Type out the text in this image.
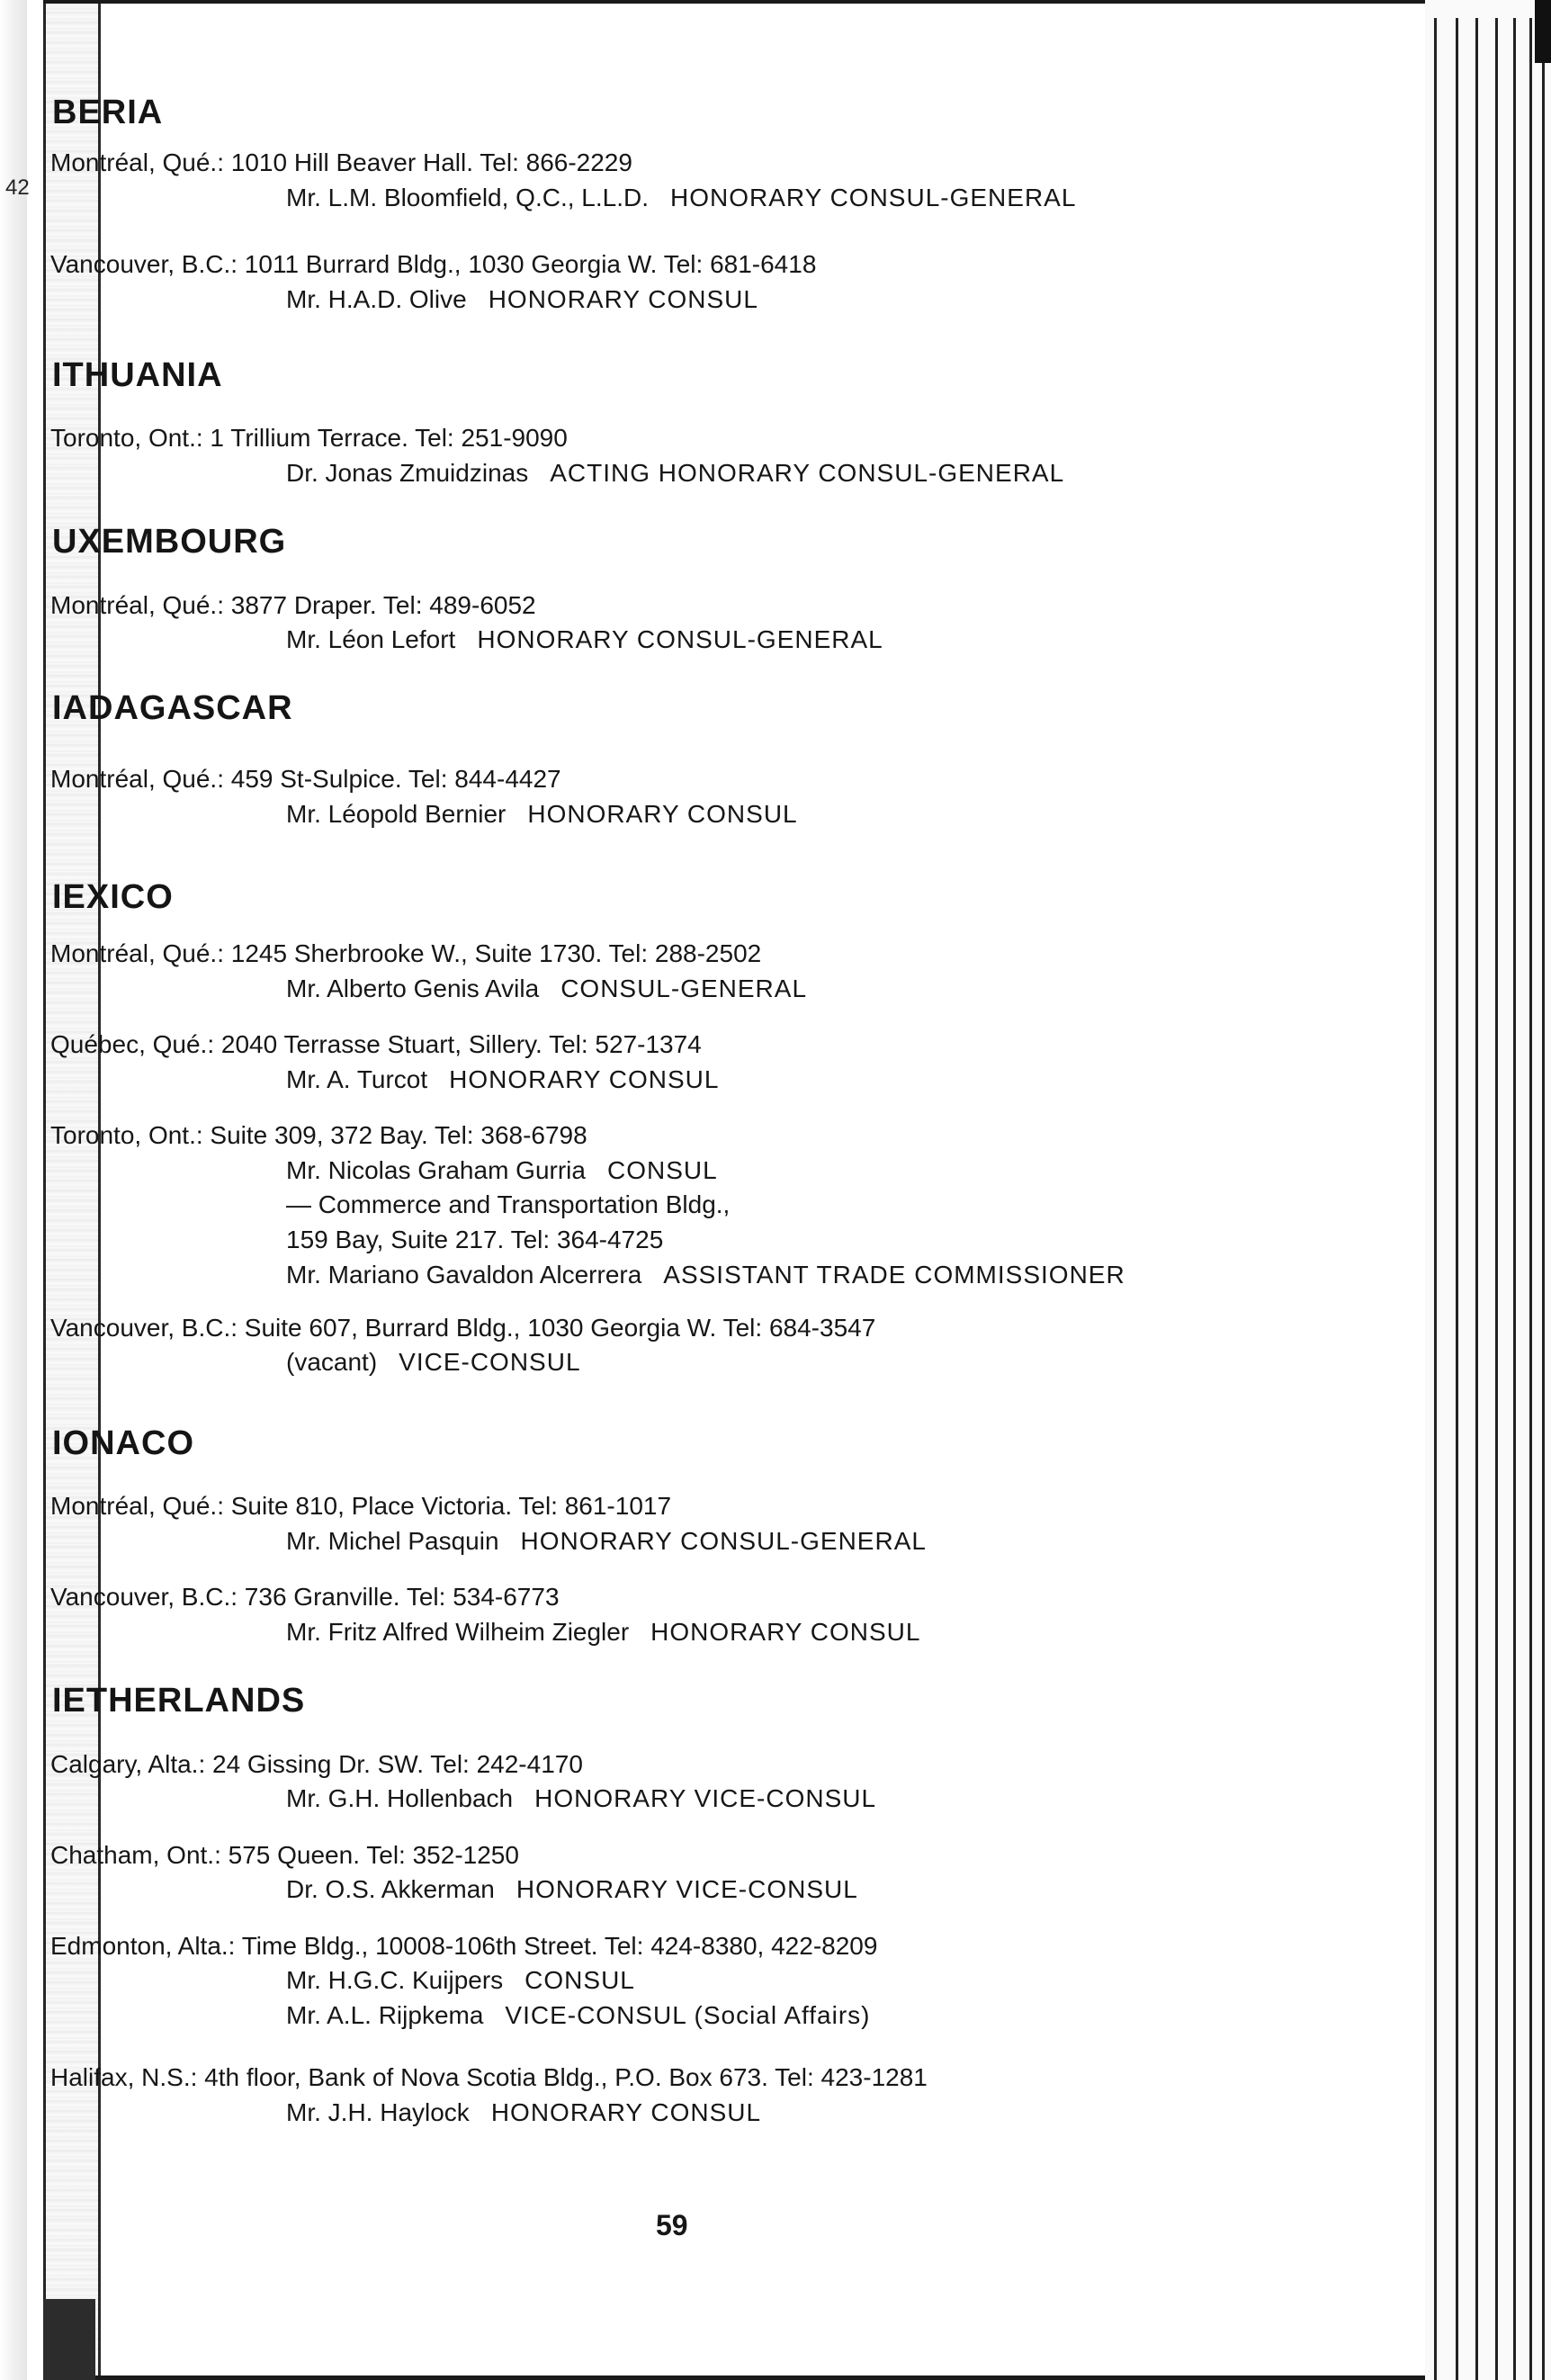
42
59
BERIA
Montréal, Qué.: 1010 Hill Beaver Hall. Tel: 866-2229
Mr. L.M. Bloomfield, Q.C., L.L.D. HONORARY CONSUL-GENERAL
Vancouver, B.C.: 1011 Burrard Bldg., 1030 Georgia W. Tel: 681-6418
Mr. H.A.D. Olive HONORARY CONSUL
ITHUANIA
Toronto, Ont.: 1 Trillium Terrace. Tel: 251-9090
Dr. Jonas Zmuidzinas ACTING HONORARY CONSUL-GENERAL
UXEMBOURG
Montréal, Qué.: 3877 Draper. Tel: 489-6052
Mr. Léon Lefort HONORARY CONSUL-GENERAL
IADAGASCAR
Montréal, Qué.: 459 St-Sulpice. Tel: 844-4427
Mr. Léopold Bernier HONORARY CONSUL
IEXICO
Montréal, Qué.: 1245 Sherbrooke W., Suite 1730. Tel: 288-2502
Mr. Alberto Genis Avila CONSUL-GENERAL
Québec, Qué.: 2040 Terrasse Stuart, Sillery. Tel: 527-1374
Mr. A. Turcot HONORARY CONSUL
Toronto, Ont.: Suite 309, 372 Bay. Tel: 368-6798
Mr. Nicolas Graham Gurria CONSUL
— Commerce and Transportation Bldg.,
159 Bay, Suite 217. Tel: 364-4725
Mr. Mariano Gavaldon Alcerrera ASSISTANT TRADE COMMISSIONER
Vancouver, B.C.: Suite 607, Burrard Bldg., 1030 Georgia W. Tel: 684-3547
(vacant) VICE-CONSUL
IONACO
Montréal, Qué.: Suite 810, Place Victoria. Tel: 861-1017
Mr. Michel Pasquin HONORARY CONSUL-GENERAL
Vancouver, B.C.: 736 Granville. Tel: 534-6773
Mr. Fritz Alfred Wilheim Ziegler HONORARY CONSUL
IETHERLANDS
Calgary, Alta.: 24 Gissing Dr. SW. Tel: 242-4170
Mr. G.H. Hollenbach HONORARY VICE-CONSUL
Chatham, Ont.: 575 Queen. Tel: 352-1250
Dr. O.S. Akkerman HONORARY VICE-CONSUL
Edmonton, Alta.: Time Bldg., 10008-106th Street. Tel: 424-8380, 422-8209
Mr. H.G.C. Kuijpers CONSUL
Mr. A.L. Rijpkema VICE-CONSUL (Social Affairs)
Halifax, N.S.: 4th floor, Bank of Nova Scotia Bldg., P.O. Box 673. Tel: 423-1281
Mr. J.H. Haylock HONORARY CONSUL
